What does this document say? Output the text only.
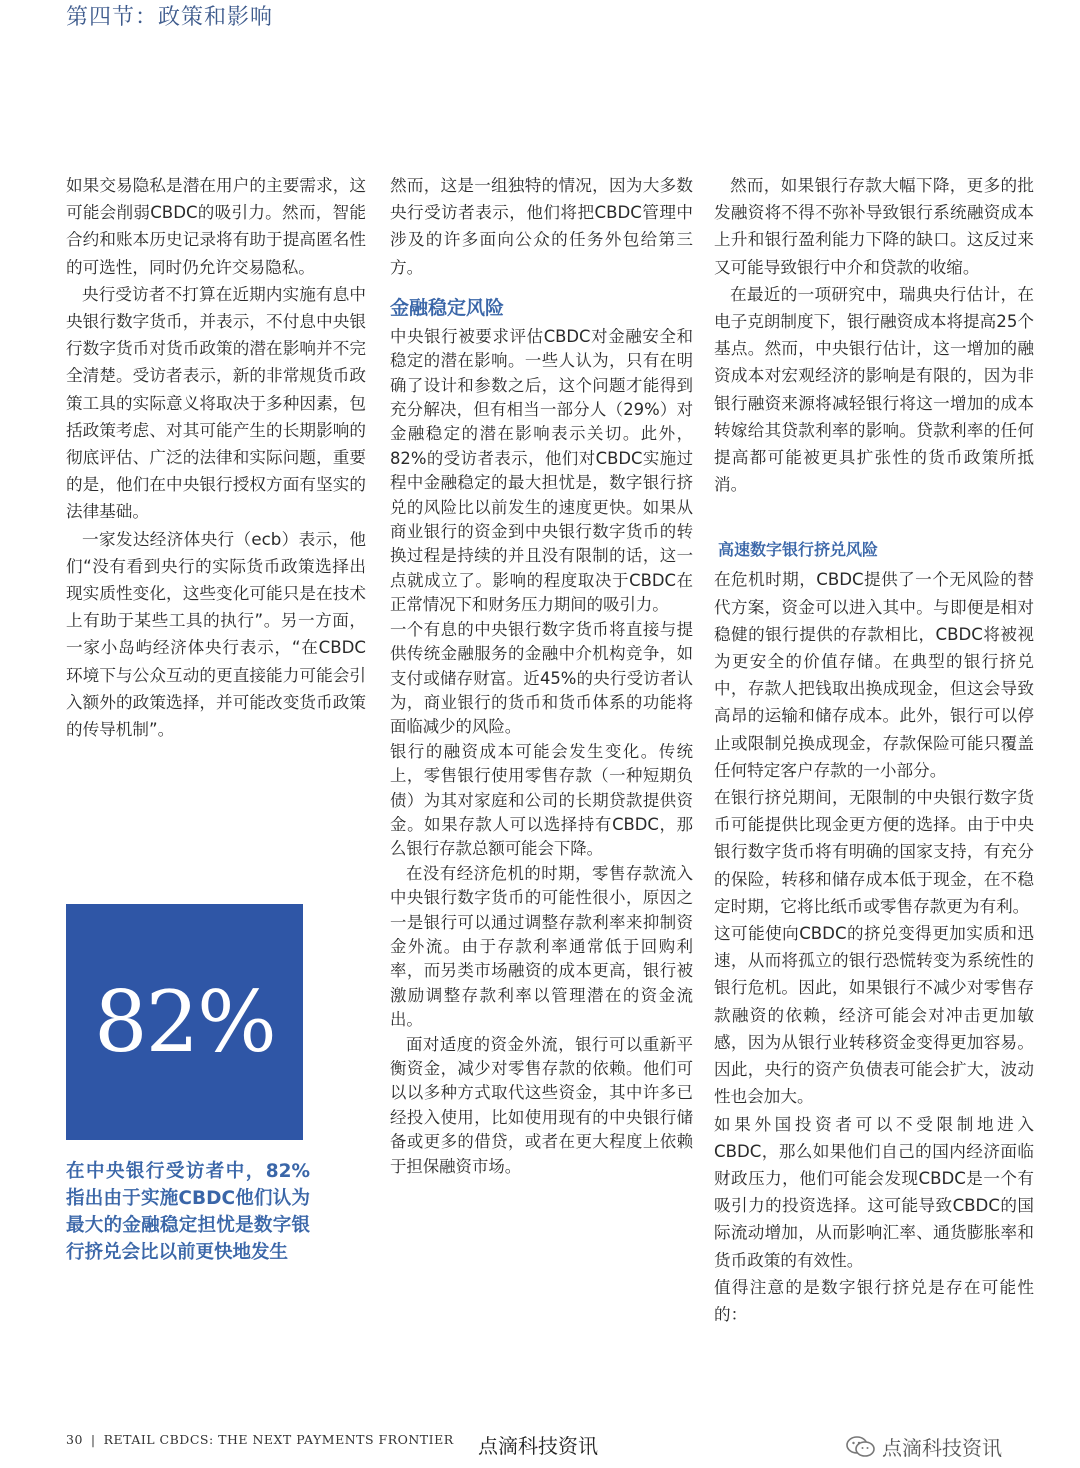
第四节：政策和影响

如果交易隐私是潜在用户的主要需求，这可能会削弱CBDC的吸引力。然而，智能合约和账本历史记录将有助于提高匿名性的可选性，同时仍允许交易隐私。

央行受访者不打算在近期内实施有息中央银行数字货币，并表示，不付息中央银行数字货币对货币政策的潜在影响并不完全清楚。受访者表示，新的非常规货币政策工具的实际意义将取决于多种因素，包括政策考虑、对其可能产生的长期影响的彻底评估、广泛的法律和实际问题，重要的是，他们在中央银行授权方面有坚实的法律基础。

一家发达经济体央行（ecb）表示，他们“没有看到央行的实际货币政策选择出现实质性变化，这些变化可能只是在技术上有助于某些工具的执行”。另一方面，一家小岛屿经济体央行表示，“在CBDC环境下与公众互动的更直接能力可能会引入额外的政策选择，并可能改变货币政策的传导机制”。

82%
在中央银行受访者中，82%指出由于实施CBDC他们认为最大的金融稳定担忧是数字银行挤兑会比以前更快地发生

然而，这是一组独特的情况，因为大多数央行受访者表示，他们将把CBDC管理中涉及的许多面向公众的任务外包给第三方。

金融稳定风险

中央银行被要求评估CBDC对金融安全和稳定的潜在影响。一些人认为，只有在明确了设计和参数之后，这个问题才能得到充分解决，但有相当一部分人（29%）对金融稳定的潜在影响表示关切。此外，82%的受访者表示，他们对CBDC实施过程中金融稳定的最大担忧是，数字银行挤兑的风险比以前发生的速度更快。如果从商业银行的资金到中央银行数字货币的转换过程是持续的并且没有限制的话，这一点就成立了。影响的程度取决于CBDC在正常情况下和财务压力期间的吸引力。

一个有息的中央银行数字货币将直接与提供传统金融服务的金融中介机构竞争，如支付或储存财富。近45%的央行受访者认为，商业银行的货币和货币体系的功能将面临减少的风险。

银行的融资成本可能会发生变化。传统上，零售银行使用零售存款（一种短期负债）为其对家庭和公司的长期贷款提供资金。如果存款人可以选择持有CBDC，那么银行存款总额可能会下降。

在没有经济危机的时期，零售存款流入中央银行数字货币的可能性很小，原因之一是银行可以通过调整存款利率来抑制资金外流。由于存款利率通常低于回购利率，而另类市场融资的成本更高，银行被激励调整存款利率以管理潜在的资金流出。

面对适度的资金外流，银行可以重新平衡资金，减少对零售存款的依赖。他们可以以多种方式取代这些资金，其中许多已经投入使用，比如使用现有的中央银行储备或更多的借贷，或者在更大程度上依赖于担保融资市场。

然而，如果银行存款大幅下降，更多的批发融资将不得不弥补导致银行系统融资成本上升和银行盈利能力下降的缺口。这反过来又可能导致银行中介和贷款的收缩。

在最近的一项研究中，瑞典央行估计，在电子克朗制度下，银行融资成本将提高25个基点。然而，中央银行估计，这一增加的融资成本对宏观经济的影响是有限的，因为非银行融资来源将减轻银行将这一增加的成本转嫁给其贷款利率的影响。贷款利率的任何提高都可能被更具扩张性的货币政策所抵消。

高速数字银行挤兑风险

在危机时期，CBDC提供了一个无风险的替代方案，资金可以进入其中。与即便是相对稳健的银行提供的存款相比，CBDC将被视为更安全的价值存储。在典型的银行挤兑中，存款人把钱取出换成现金，但这会导致高昂的运输和储存成本。此外，银行可以停止或限制兑换成现金，存款保险可能只覆盖任何特定客户存款的一小部分。

在银行挤兑期间，无限制的中央银行数字货币可能提供比现金更方便的选择。由于中央银行数字货币将有明确的国家支持，有充分的保险，转移和储存成本低于现金，在不稳定时期，它将比纸币或零售存款更为有利。

这可能使向CBDC的挤兑变得更加实质和迅速，从而将孤立的银行恐慌转变为系统性的银行危机。因此，如果银行不减少对零售存款融资的依赖，经济可能会对冲击更加敏感，因为从银行业转移资金变得更加容易。因此，央行的资产负债表可能会扩大，波动性也会加大。

如果外国投资者可以不受限制地进入CBDC，那么如果他们自己的国内经济面临财政压力，他们可能会发现CBDC是一个有吸引力的投资选择。这可能导致CBDC的国际流动增加，从而影响汇率、通货膨胀率和货币政策的有效性。

值得注意的是数字银行挤兑是存在可能性的：

30 | RETAIL CBDCS: THE NEXT PAYMENTS FRONTIER 点滴科技资讯	点滴科技资讯
